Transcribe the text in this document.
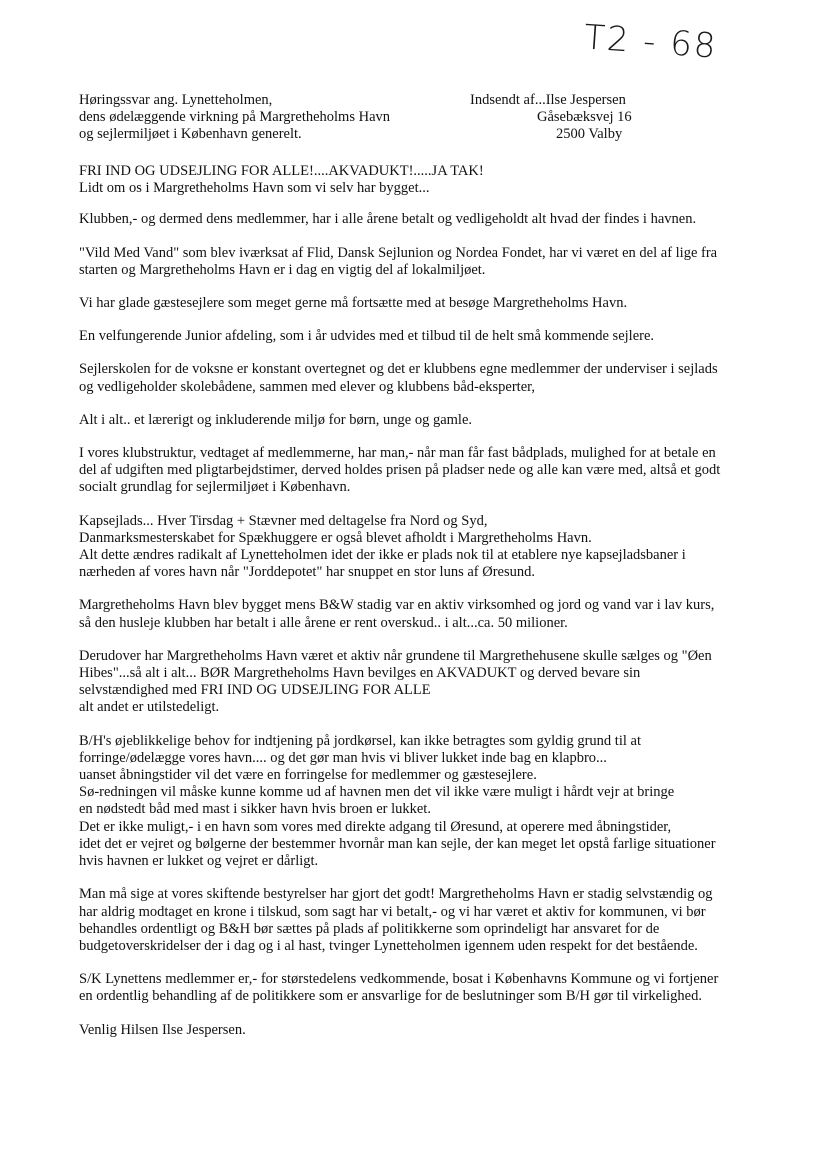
T2 - 68
Høringssvar ang. Lynetteholmen,
dens ødelæggende virkning på Margretheholms Havn
og sejlermiljøet i København generelt.
Indsendt af...Ilse Jespersen
Gåsebæksvej 16
2500 Valby

FRI IND OG UDSEJLING FOR ALLE!....AKVADUKT!.....JA TAK!
Lidt om os i Margretheholms Havn som vi selv har bygget...

Klubben,- og dermed dens medlemmer, har i alle årene betalt og vedligeholdt alt hvad der findes i havnen.

"Vild Med Vand" som blev iværksat af Flid, Dansk Sejlunion og Nordea Fondet, har vi været en del af lige fra
starten og Margretheholms Havn er i dag en vigtig del af lokalmiljøet.

Vi har glade gæstesejlere som meget gerne må fortsætte med at besøge Margretheholms Havn.

En velfungerende Junior afdeling, som i år udvides med et tilbud til de helt små kommende sejlere.

Sejlerskolen for de voksne er konstant overtegnet og det er klubbens egne medlemmer der underviser i sejlads
og vedligeholder skolebådene, sammen med elever og klubbens båd-eksperter,

Alt i alt.. et lærerigt og inkluderende miljø for børn, unge og gamle.

I vores klubstruktur, vedtaget af medlemmerne, har man,- når man får fast bådplads, mulighed for at betale en
del af udgiften med pligtarbejdstimer, derved holdes prisen på pladser nede og alle kan være med, altså et godt
socialt grundlag for sejlermiljøet i København.

Kapsejlads... Hver Tirsdag + Stævner med deltagelse fra Nord og Syd,
Danmarksmesterskabet for Spækhuggere er også blevet afholdt i Margretheholms Havn.
Alt dette ændres radikalt af Lynetteholmen idet der ikke er plads nok til at etablere nye kapsejladsbaner i
nærheden af vores havn når "Jorddepotet" har snuppet en stor luns af Øresund.

Margretheholms Havn blev bygget mens B&W stadig var en aktiv virksomhed og jord og vand var i lav kurs,
så den husleje klubben har betalt i alle årene er rent overskud.. i alt...ca. 50 milioner.

Derudover har Margretheholms Havn været et aktiv når grundene til Margrethehusene skulle sælges og "Øen
Hibes"...så alt i alt... BØR Margretheholms Havn bevilges en AKVADUKT og derved bevare sin
selvstændighed med FRI IND OG UDSEJLING FOR ALLE
alt andet er utilstedeligt.

B/H's øjeblikkelige behov for indtjening på jordkørsel, kan ikke betragtes som gyldig grund til at
forringe/ødelægge vores havn.... og det gør man hvis vi bliver lukket inde bag en klapbro...
uanset åbningstider vil det være en forringelse for medlemmer og gæstesejlere.
Sø-redningen vil måske kunne komme ud af havnen men det vil ikke være muligt i hårdt vejr at bringe
en nødstedt båd med mast i sikker havn hvis broen er lukket.
Det er ikke muligt,- i en havn som vores med direkte adgang til Øresund, at operere med åbningstider,
idet det er vejret og bølgerne der bestemmer hvornår man kan sejle, der kan meget let opstå farlige situationer
hvis havnen er lukket og vejret er dårligt.

Man må sige at vores skiftende bestyrelser har gjort det godt! Margretheholms Havn er stadig selvstændig og
har aldrig modtaget en krone i tilskud, som sagt har vi betalt,- og vi har været et aktiv for kommunen, vi bør
behandles ordentligt og B&H bør sættes på plads af politikkerne som oprindeligt har ansvaret for de
budgetoverskridelser der i dag og i al hast, tvinger Lynetteholmen igennem uden respekt for det bestående.

S/K Lynettens medlemmer er,- for størstedelens vedkommende, bosat i Københavns Kommune og vi fortjener
en ordentlig behandling af de politikkere som er ansvarlige for de beslutninger som B/H gør til virkelighed.

Venlig Hilsen Ilse Jespersen.
